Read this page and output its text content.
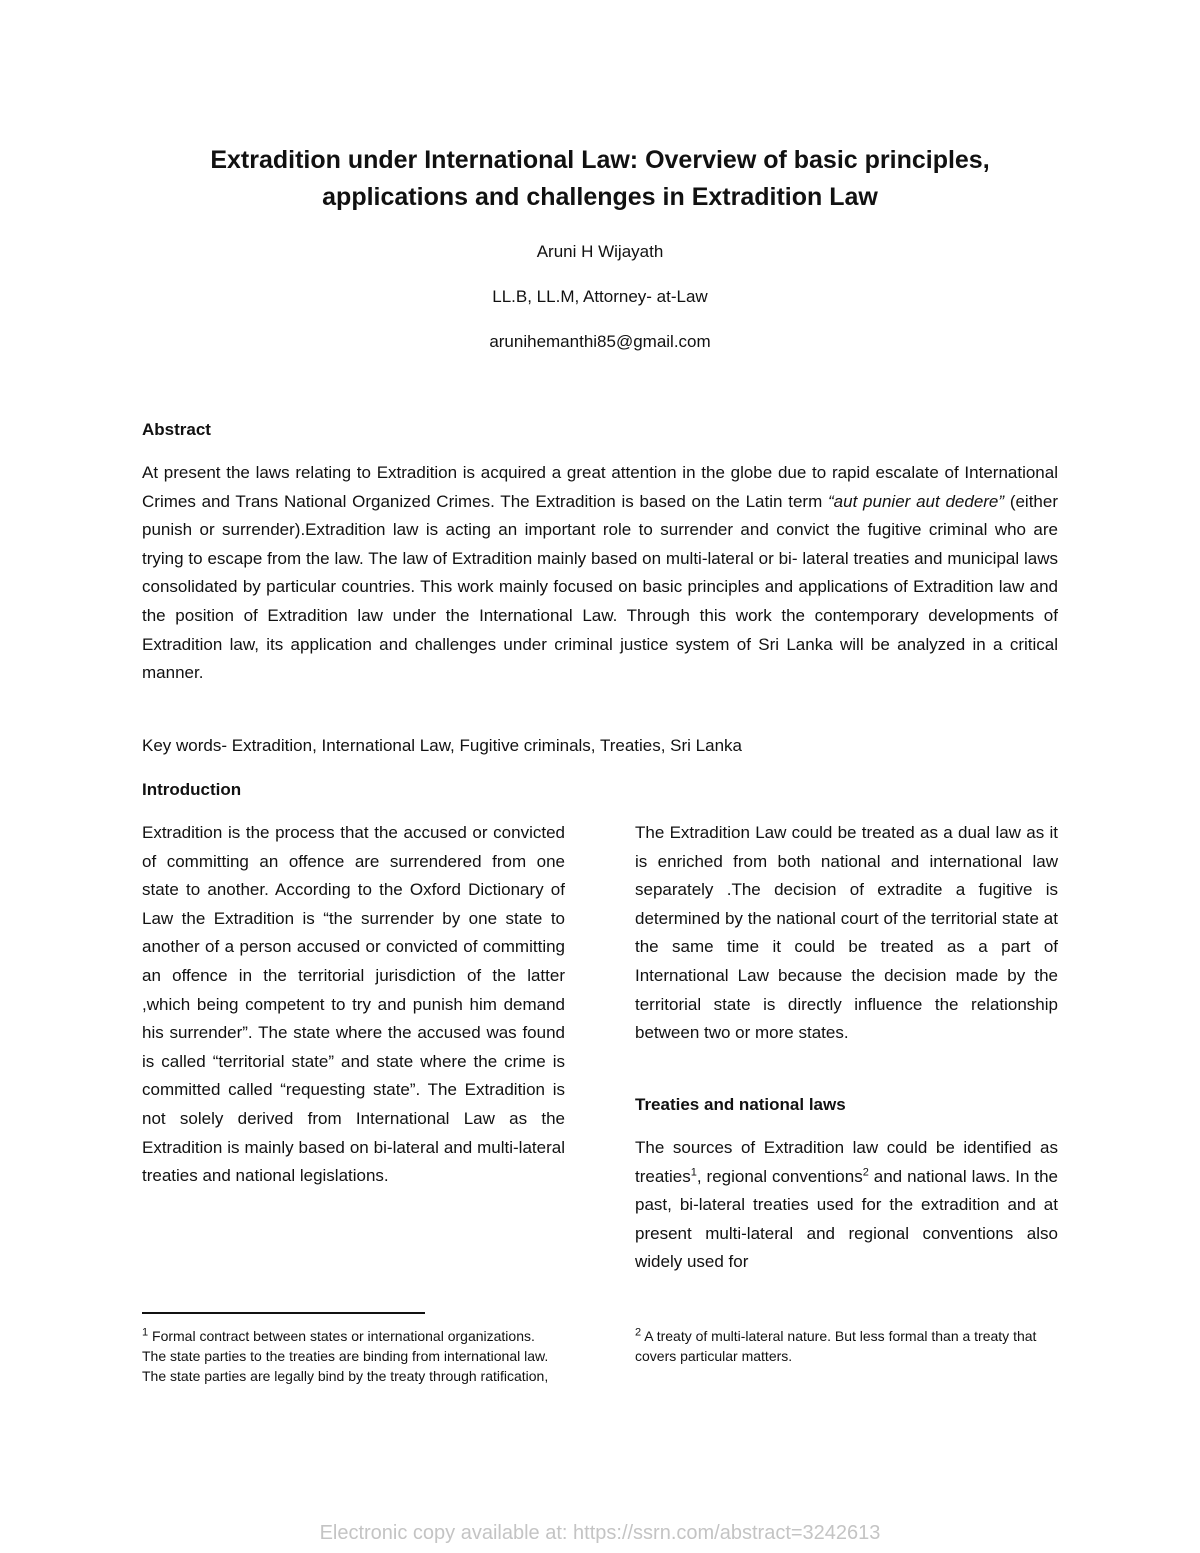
Extradition under International Law: Overview of basic principles,
applications and challenges in Extradition Law

Aruni H Wijayath

LL.B, LL.M, Attorney- at-Law

arunihemanthi85@gmail.com

Abstract

At present the laws relating to Extradition is acquired a great attention in the globe due to rapid escalate of International Crimes and Trans National Organized Crimes. The Extradition is based on the Latin term “aut punier aut dedere” (either punish or surrender).Extradition law is acting an important role to surrender and convict the fugitive criminal who are trying to escape from the law. The law of Extradition mainly based on multi-lateral or bi- lateral treaties and municipal laws consolidated by particular countries. This work mainly focused on basic principles and applications of Extradition law and the position of Extradition law under the International Law. Through this work the contemporary developments of Extradition law, its application and challenges under criminal justice system of Sri Lanka will be analyzed in a critical manner.

Key words- Extradition, International Law, Fugitive criminals, Treaties, Sri Lanka

Introduction

Extradition is the process that the accused or convicted of committing an offence are surrendered from one state to another. According to the Oxford Dictionary of Law the Extradition is “the surrender by one state to another of a person accused or convicted of committing an offence in the territorial jurisdiction of the latter ,which being competent to try and punish him demand his surrender”. The state where the accused was found is called “territorial state” and state where the crime is committed called “requesting state”. The Extradition is not solely derived from International Law as the Extradition is mainly based on bi-lateral and multi-lateral treaties and national legislations.

The Extradition Law could be treated as a dual law as it is enriched from both national and international law separately .The decision of extradite a fugitive is determined by the national court of the territorial state at the same time it could be treated as a part of International Law because the decision made by the territorial state is directly influence the relationship between two or more states.

Treaties and national laws

The sources of Extradition law could be identified as treaties$^1$, regional conventions$^2$ and national laws. In the past, bi-lateral treaties used for the extradition and at present multi-lateral and regional conventions also widely used for

$^1$ Formal contract between states or international organizations. The state parties to the treaties are binding from international law. The state parties are legally bind by the treaty through ratification,

$^2$ A treaty of multi-lateral nature. But less formal than a treaty that covers particular matters.

Electronic copy available at: https://ssrn.com/abstract=3242613
